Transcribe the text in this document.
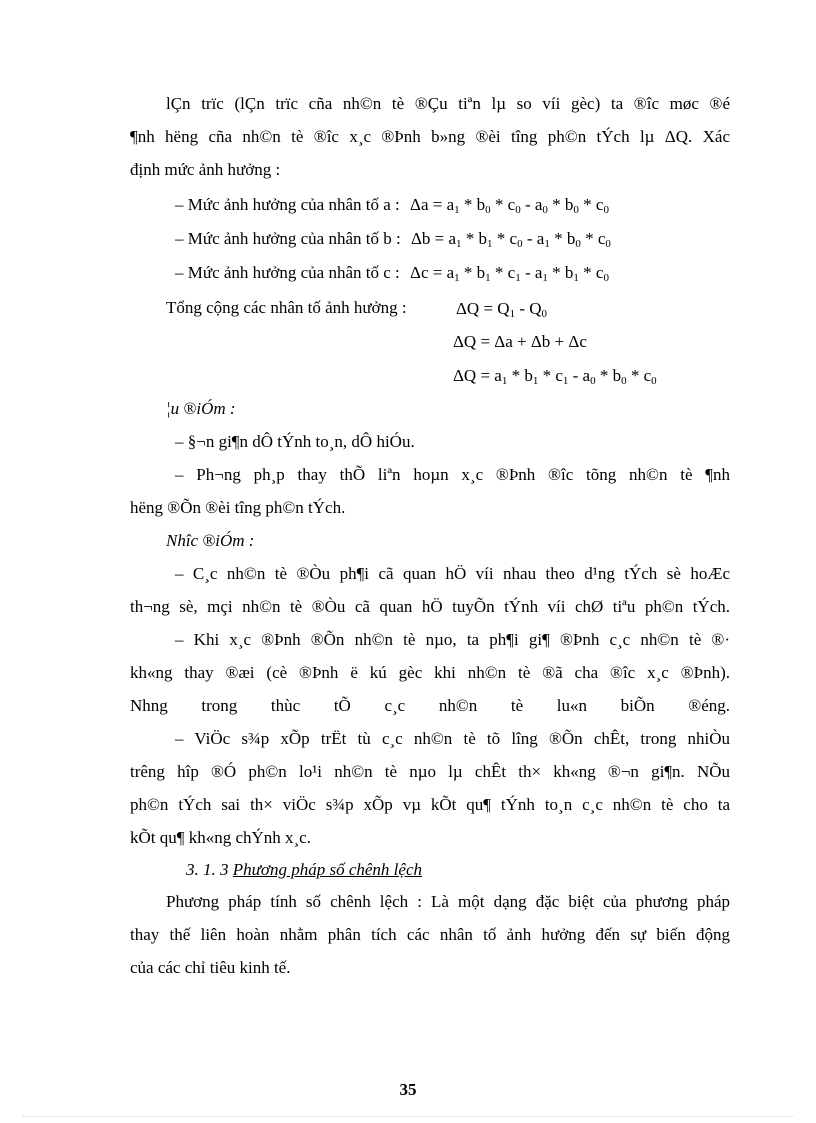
lÇn trïc (lÇn trïc cña nh©n tè ®Çu tiªn lµ so víi gèc) ta ®îc møc ®é

¶nh hëng cña nh©n tè ®îc x¸c ®Þnh b»ng ®èi tîng ph©n tÝch lµ ΔQ. Xác

định mức ảnh hưởng :

– Mức ảnh hưởng của nhân tố a : $\Delta a = a_1 * b_0 * c_0 - a_0 * b_0 * c_0$

– Mức ảnh hưởng của nhân tố b : $\Delta b = a_1 * b_1 * c_0 - a_1 * b_0 * c_0$

– Mức ảnh hưởng của nhân tố c : $\Delta c = a_1 * b_1 * c_1 - a_1 * b_1 * c_0$

Tổng cộng các nhân tố ảnh hưởng :	$\Delta Q = Q_1 - Q_0$

ΔQ = Δa + Δb + Δc

$\Delta Q = a_1 * b_1 * c_1 - a_0 * b_0 * c_0$

¦u ®iÓm :

– §¬n gi¶n dÔ tÝnh to¸n, dÔ hiÓu.

– Ph¬ng ph¸p thay thÕ liªn hoµn x¸c ®Þnh ®îc tõng nh©n tè ¶nh

hëng ®Õn ®èi tîng ph©n tÝch.

Nhîc ®iÓm :

– C¸c nh©n tè ®Òu ph¶i cã quan hÖ víi nhau theo d¹ng tÝch sè hoÆc

th¬ng sè, mçi nh©n tè ®Òu cã quan hÖ tuyÕn tÝnh víi chØ tiªu ph©n tÝch.

– Khi x¸c ®Þnh ®Õn nh©n tè nµo, ta ph¶i gi¶ ®Þnh c¸c nh©n tè ®·

kh«ng thay ®æi (cè ®Þnh ë kú gèc khi nh©n tè ®ã cha ®îc x¸c ®Þnh).

Nhng trong thùc tÕ c¸c nh©n tè lu«n biÕn ®éng.

– ViÖc s¾p xÕp trËt tù c¸c nh©n tè tõ lîng ®Õn chÊt, trong nhiÒu

trêng hîp ®Ó ph©n lo¹i nh©n tè nµo lµ chÊt th× kh«ng ®¬n gi¶n. NÕu

ph©n tÝch sai th× viÖc s¾p xÕp vµ kÕt qu¶ tÝnh to¸n c¸c nh©n tè cho ta

kÕt qu¶ kh«ng chÝnh x¸c.

3. 1. 3 Phương pháp số chênh lệch

Phương pháp tính số chênh lệch : Là một dạng đặc biệt của phương pháp

thay thế liên hoàn nhằm phân tích các nhân tố ảnh hưởng đến sự biến động

của các chỉ tiêu kinh tế.

35
